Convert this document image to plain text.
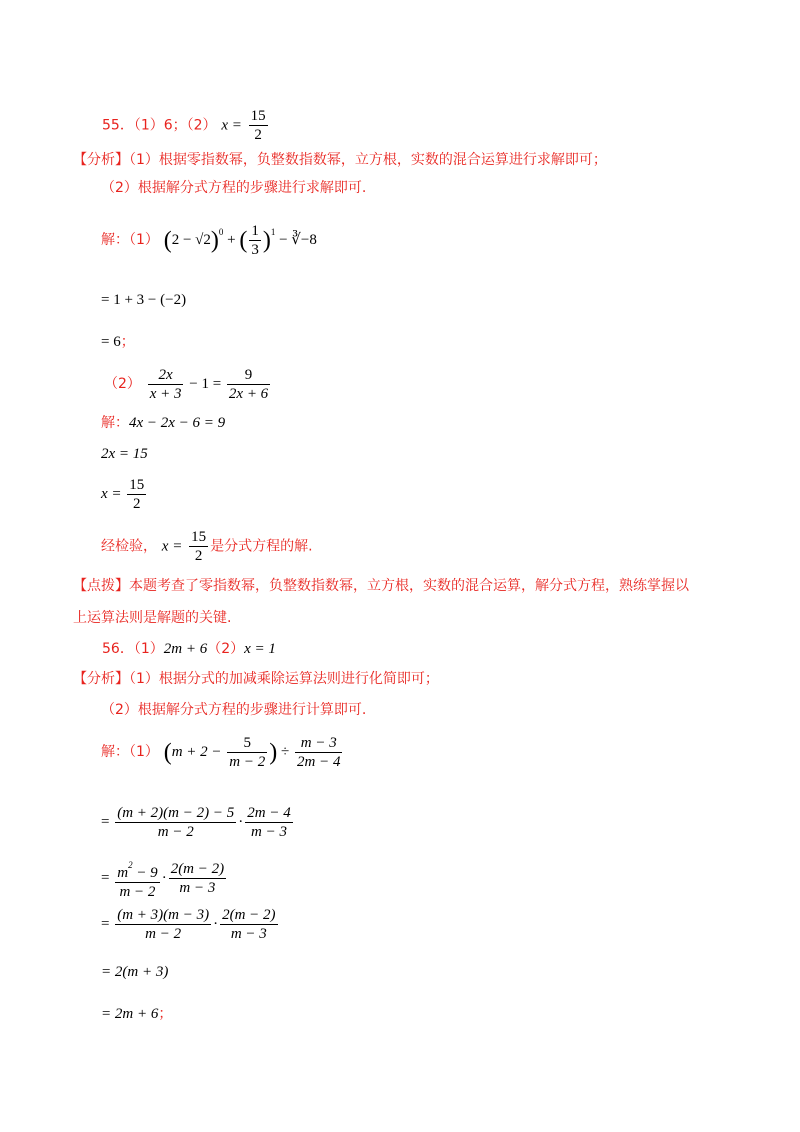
55．（1）6；（2） $x = \frac{15}{2}$
【分析】（1）根据零指数幂，负整数指数幂，立方根，实数的混合运算进行求解即可；
（2）根据解分式方程的步骤进行求解即可.
解：（1） $(2 - √2)^0$ + ( $\frac{1}{3} )^1$ − ∛−8
= 1 + 3 − (−2)
= 6；
$(2) \frac{2x}{x + 3} - 1 = \frac{9}{2x + 6}$
解：4x − 2x − 6 = 9
2x = 15
$x = \frac{15}{2}$
经检验， $x = \frac{15}{2}$ 是分式方程的解.
【点拨】本题考查了零指数幂，负整数指数幂，立方根，实数的混合运算，解分式方程，熟练掌握以
上运算法则是解题的关键.
56．（1）2m + 6（2）x = 1
【分析】（1）根据分式的加减乘除运算法则进行化简即可；
（2）根据解分式方程的步骤进行计算即可.
解：（1） ($m + 2 - \frac{5}{m - 2}$ ) ÷ $\frac{m - 3}{2m - 4}$
= $\frac{(m + 2)(m - 2) - 5}{m - 2} \cdot \frac{2m - 4}{m - 3}$
= $\frac{m^2 - 9}{m - 2} \cdot \frac{2(m - 2)}{m - 3}$
= $\frac{(m + 3)(m - 3)}{m - 2} \cdot \frac{2(m - 2)}{m - 3}$
= 2(m + 3)
= 2m + 6；
